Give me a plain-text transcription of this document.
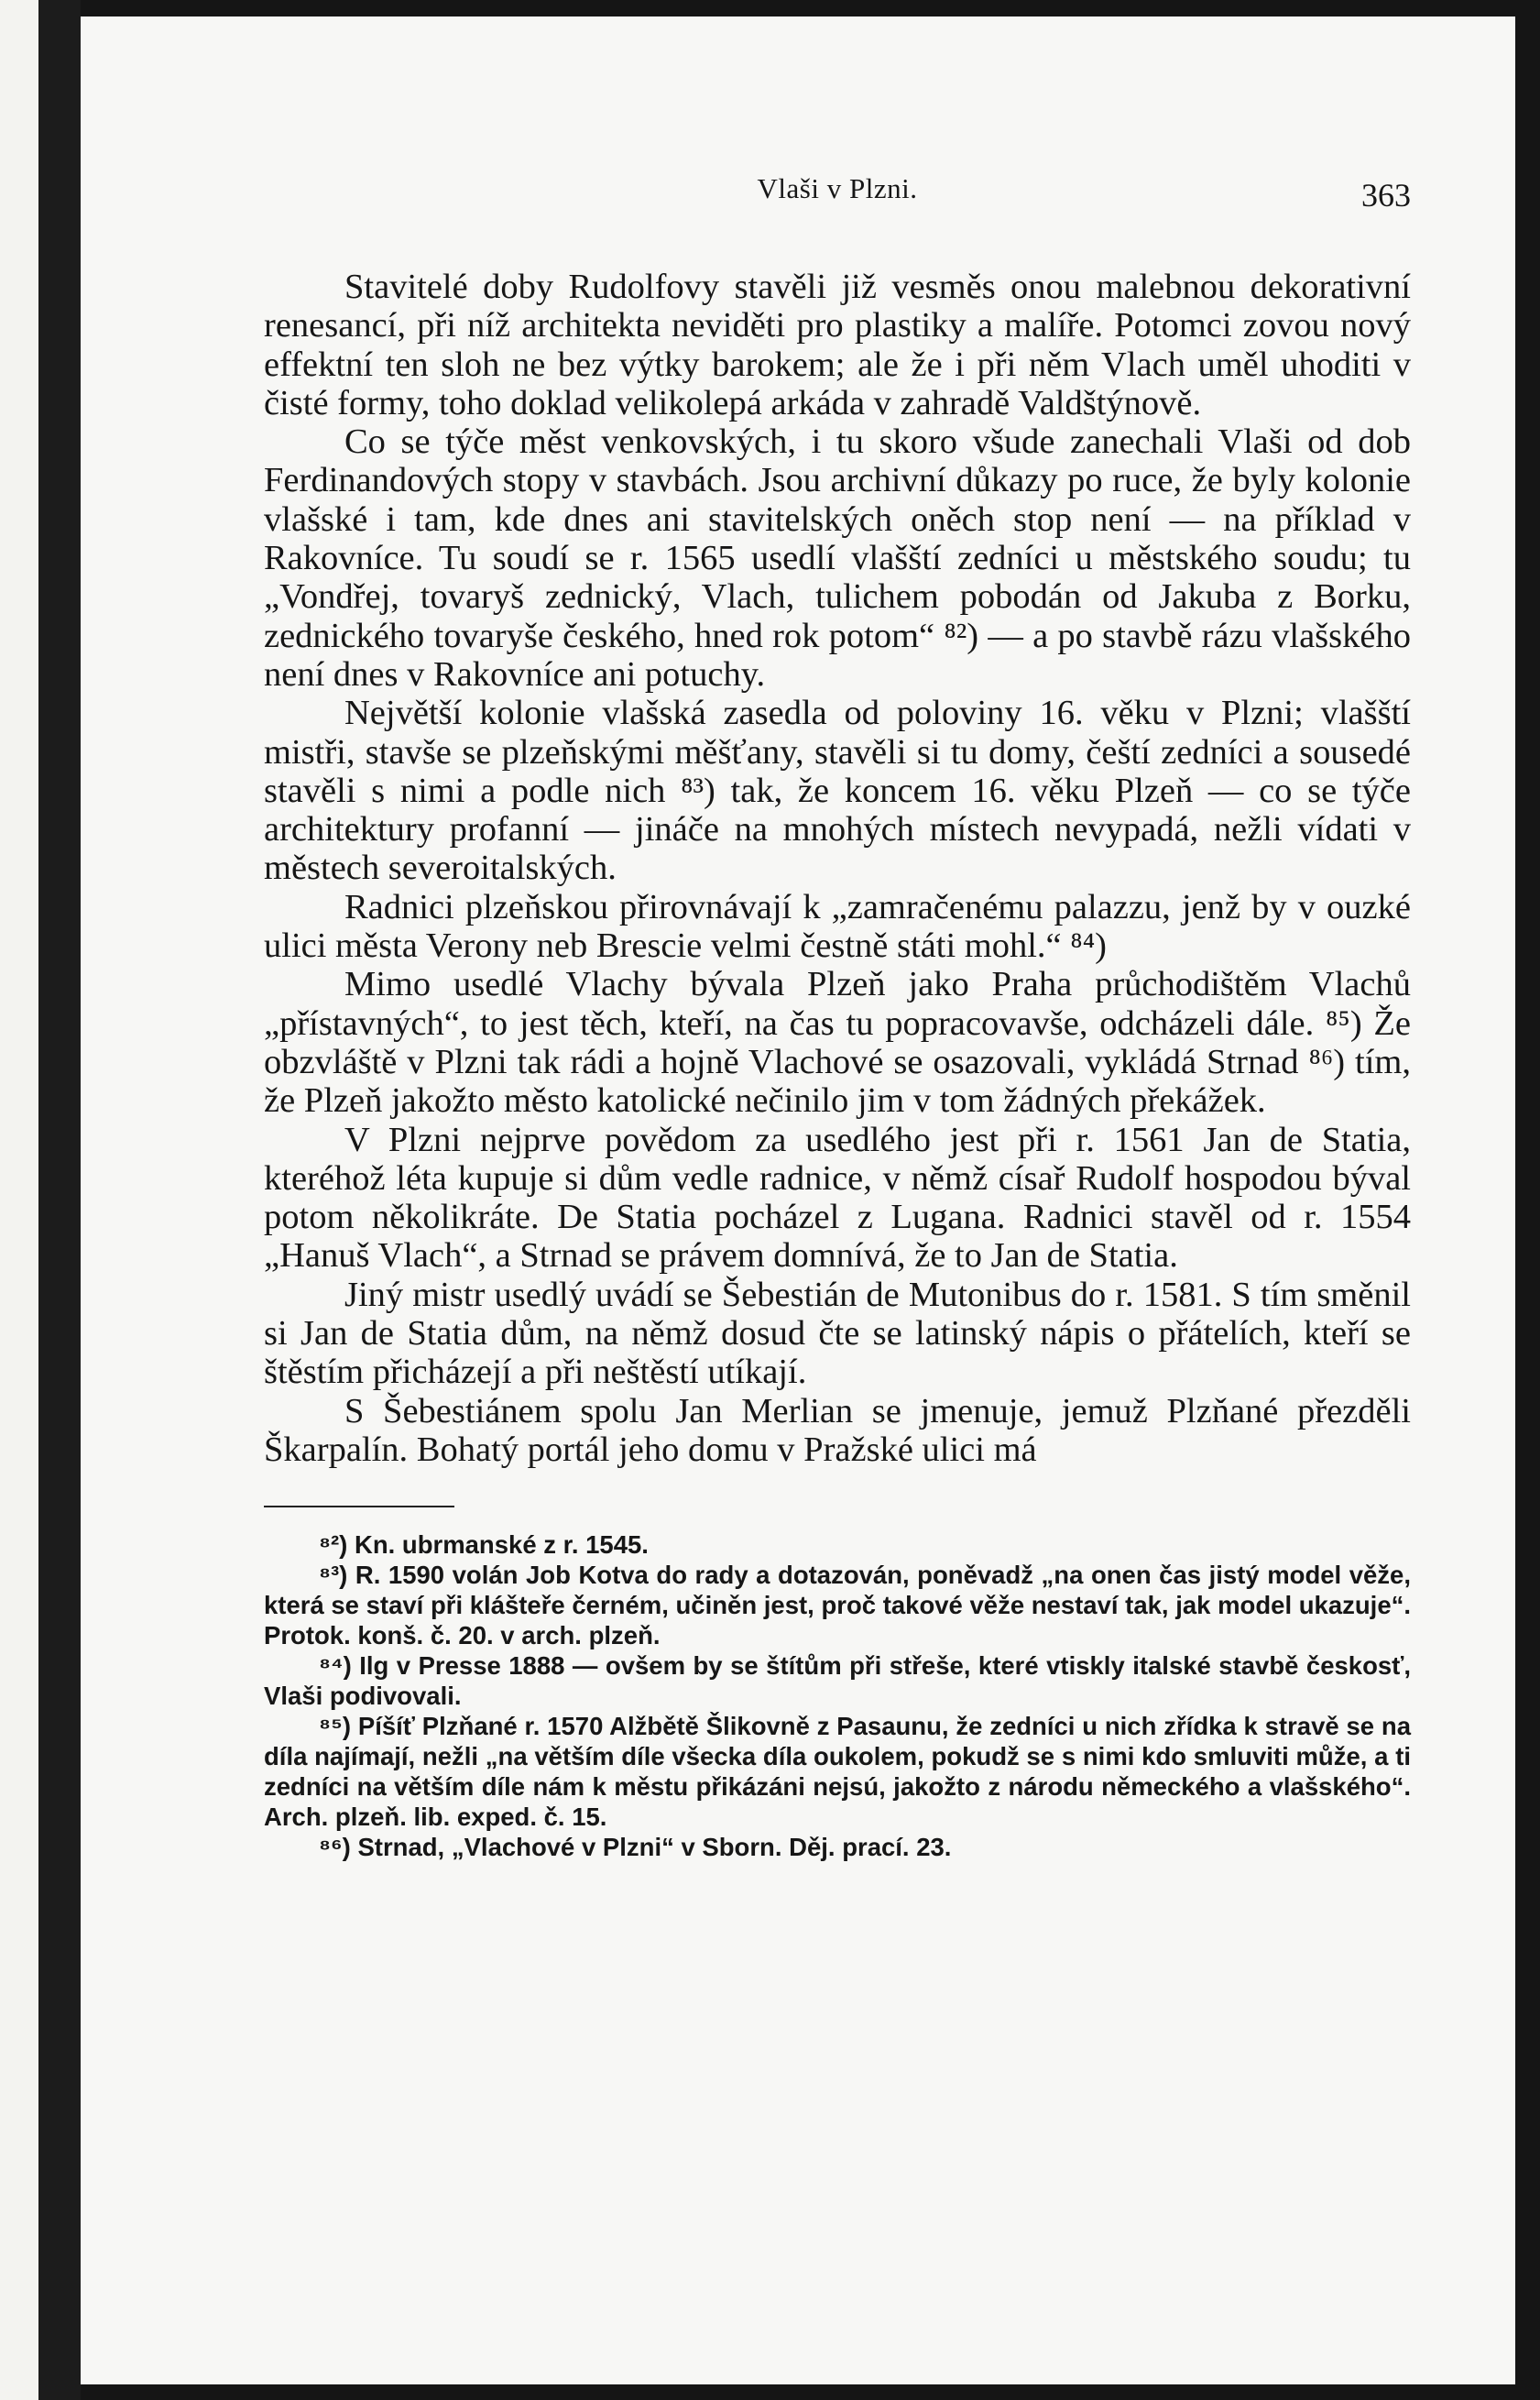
Vlaši v Plzni.	363

Stavitelé doby Rudolfovy stavěli již vesměs onou malebnou dekorativní renesancí, při níž architekta neviděti pro plastiky a malíře. Potomci zovou nový effektní ten sloh ne bez výtky barokem; ale že i při něm Vlach uměl uhoditi v čisté formy, toho doklad velikolepá arkáda v zahradě Valdštýnově.

Co se týče měst venkovských, i tu skoro všude zanechali Vlaši od dob Ferdinandových stopy v stavbách. Jsou archivní důkazy po ruce, že byly kolonie vlašské i tam, kde dnes ani stavitelských oněch stop není — na příklad v Rakovníce. Tu soudí se r. 1565 usedlí vlašští zedníci u městského soudu; tu „Vondřej, tovaryš zednický, Vlach, tulichem pobodán od Jakuba z Borku, zednického tovaryše českého, hned rok potom“ ⁸²) — a po stavbě rázu vlašského není dnes v Rakovníce ani potuchy.

Největší kolonie vlašská zasedla od poloviny 16. věku v Plzni; vlašští mistři, stavše se plzeňskými měšťany, stavěli si tu domy, čeští zedníci a sousedé stavěli s nimi a podle nich ⁸³) tak, že koncem 16. věku Plzeň — co se týče architektury profanní — jináče na mnohých místech nevypadá, nežli vídati v městech severoitalských.

Radnici plzeňskou přirovnávají k „zamračenému palazzu, jenž by v ouzké ulici města Verony neb Brescie velmi čestně státi mohl.“ ⁸⁴)

Mimo usedlé Vlachy bývala Plzeň jako Praha průchodištěm Vlachů „přístavných“, to jest těch, kteří, na čas tu popracovavše, odcházeli dále. ⁸⁵) Že obzvláště v Plzni tak rádi a hojně Vlachové se osazovali, vykládá Strnad ⁸⁶) tím, že Plzeň jakožto město katolické nečinilo jim v tom žádných překážek.

V Plzni nejprve povědom za usedlého jest při r. 1561 Jan de Statia, kteréhož léta kupuje si dům vedle radnice, v němž císař Rudolf hospodou býval potom několikráte. De Statia pocházel z Lugana. Radnici stavěl od r. 1554 „Hanuš Vlach“, a Strnad se právem domnívá, že to Jan de Statia.

Jiný mistr usedlý uvádí se Šebestián de Mutonibus do r. 1581. S tím směnil si Jan de Statia dům, na němž dosud čte se latinský nápis o přátelích, kteří se štěstím přicházejí a při neštěstí utíkají.

S Šebestiánem spolu Jan Merlian se jmenuje, jemuž Plzňané přezděli Škarpalín. Bohatý portál jeho domu v Pražské ulici má

⁸²) Kn. ubrmanské z r. 1545.

⁸³) R. 1590 volán Job Kotva do rady a dotazován, poněvadž „na onen čas jistý model věže, která se staví při klášteře černém, učiněn jest, proč takové věže nestaví tak, jak model ukazuje“. Protok. konš. č. 20. v arch. plzeň.

⁸⁴) Ilg v Presse 1888 — ovšem by se štítům při střeše, které vtiskly italské stavbě českosť, Vlaši podivovali.

⁸⁵) Píšíť Plzňané r. 1570 Alžbětě Šlikovně z Pasaunu, že zedníci u nich zřídka k stravě se na díla najímají, nežli „na větším díle všecka díla oukolem, pokudž se s nimi kdo smluviti může, a ti zedníci na větším díle nám k městu přikázáni nejsú, jakožto z národu německého a vlašského“. Arch. plzeň. lib. exped. č. 15.

⁸⁶) Strnad, „Vlachové v Plzni“ v Sborn. Děj. prací. 23.
